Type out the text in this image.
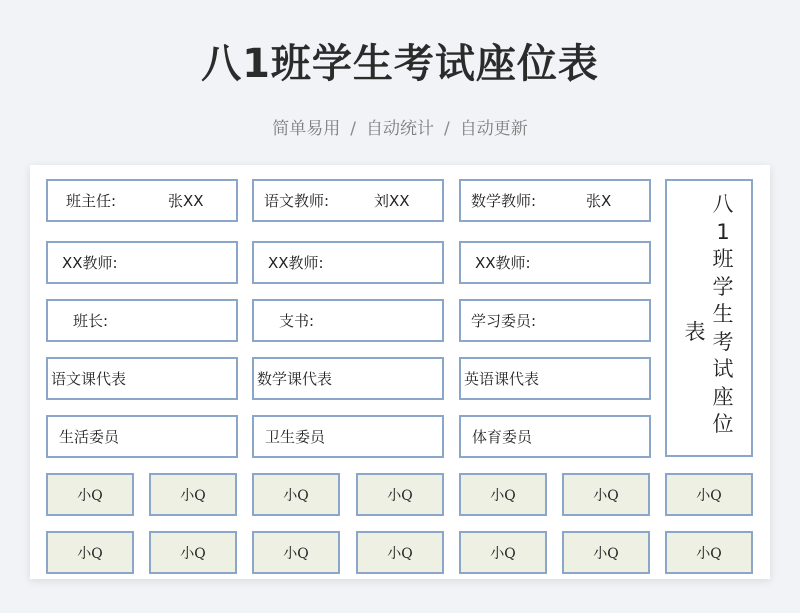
八1班学生考试座位表
简单易用 / 自动统计 / 自动更新
班主任:	张XX	语文教师:	刘XX	数学教师:	张X
XX教师:	XX教师:	XX教师:
班长:	支书:	学习委员:
语文课代表	数学课代表	英语课代表
生活委员	卫生委员	体育委员
八1班学生考试座位
表
小Q	小Q	小Q	小Q	小Q	小Q	小Q
小Q	小Q	小Q	小Q	小Q	小Q	小Q
